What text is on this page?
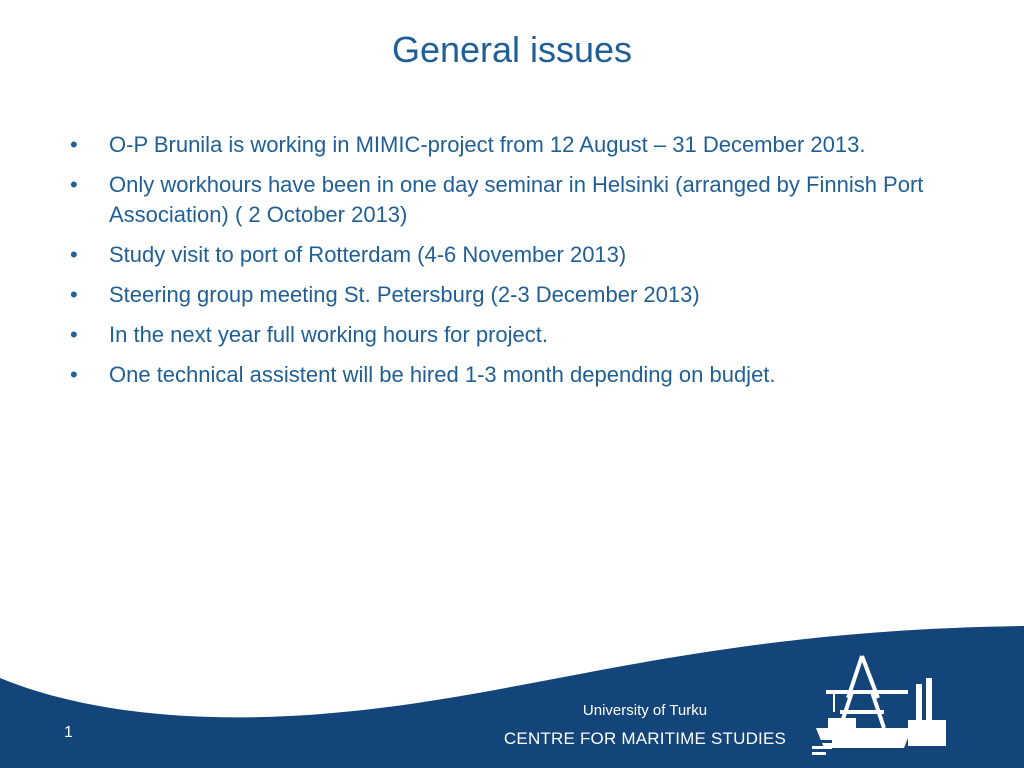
General issues
•	O-P Brunila is working in MIMIC-project from 12 August – 31 December 2013.
•	Only workhours have been in one day seminar in Helsinki (arranged by Finnish Port Association) ( 2 October 2013)
•	Study visit to port of Rotterdam (4-6 November 2013)
•	Steering group meeting St. Petersburg (2-3 December 2013)
•	In the next year full working hours for project.
•	One technical assistent will be hired 1-3 month depending on budjet.
1
University of Turku
CENTRE FOR MARITIME STUDIES
